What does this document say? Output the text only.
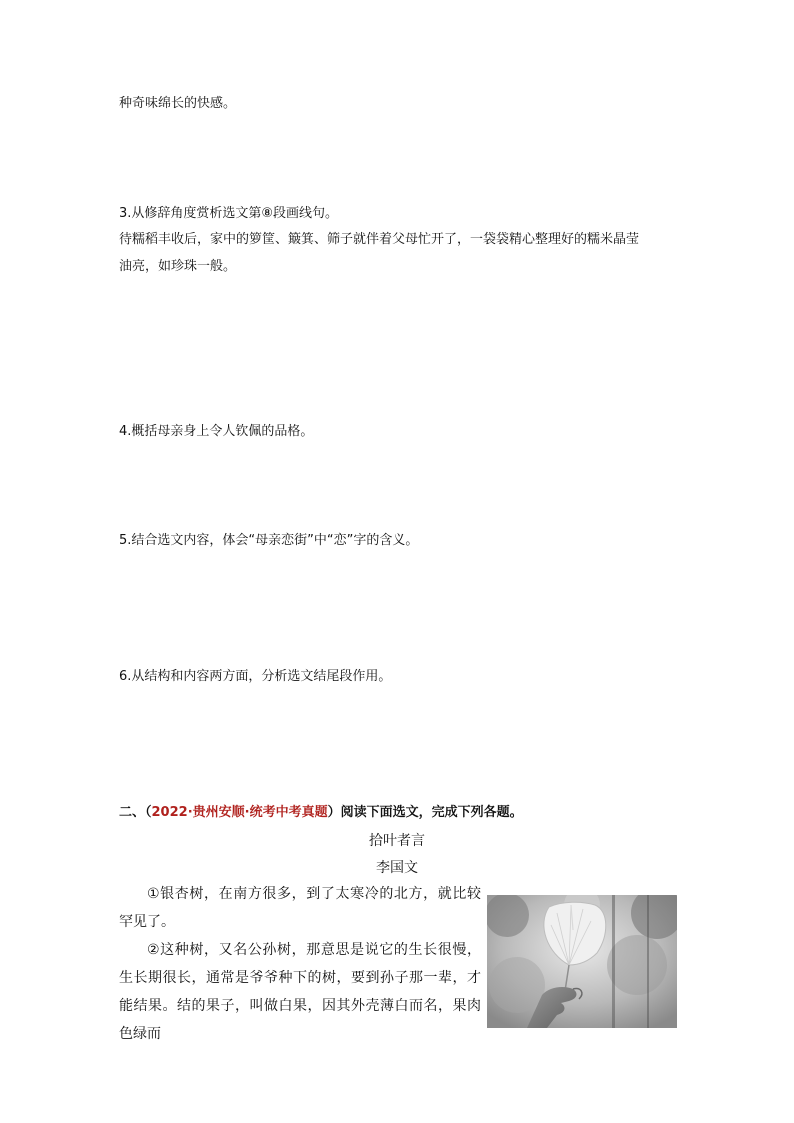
种奇味绵长的快感。
3.从修辞角度赏析选文第⑧段画线句。
待糯稻丰收后，家中的箩筐、簸箕、筛子就伴着父母忙开了，一袋袋精心整理好的糯米晶莹
油亮，如珍珠一般。
4.概括母亲身上令人钦佩的品格。
5.结合选文内容，体会“母亲恋街”中“恋”字的含义。
6.从结构和内容两方面，分析选文结尾段作用。
二、（2022·贵州安顺·统考中考真题）阅读下面选文，完成下列各题。
拾叶者言
李国文

①银杏树，在南方很多，到了太寒冷的北方，就比较罕见了。

②这种树，又名公孙树，那意思是说它的生长很慢，生长期很长，通常是爷爷种下的树，要到孙子那一辈，才能结果。结的果子，叫做白果，因其外壳薄白而名，果肉色绿而
